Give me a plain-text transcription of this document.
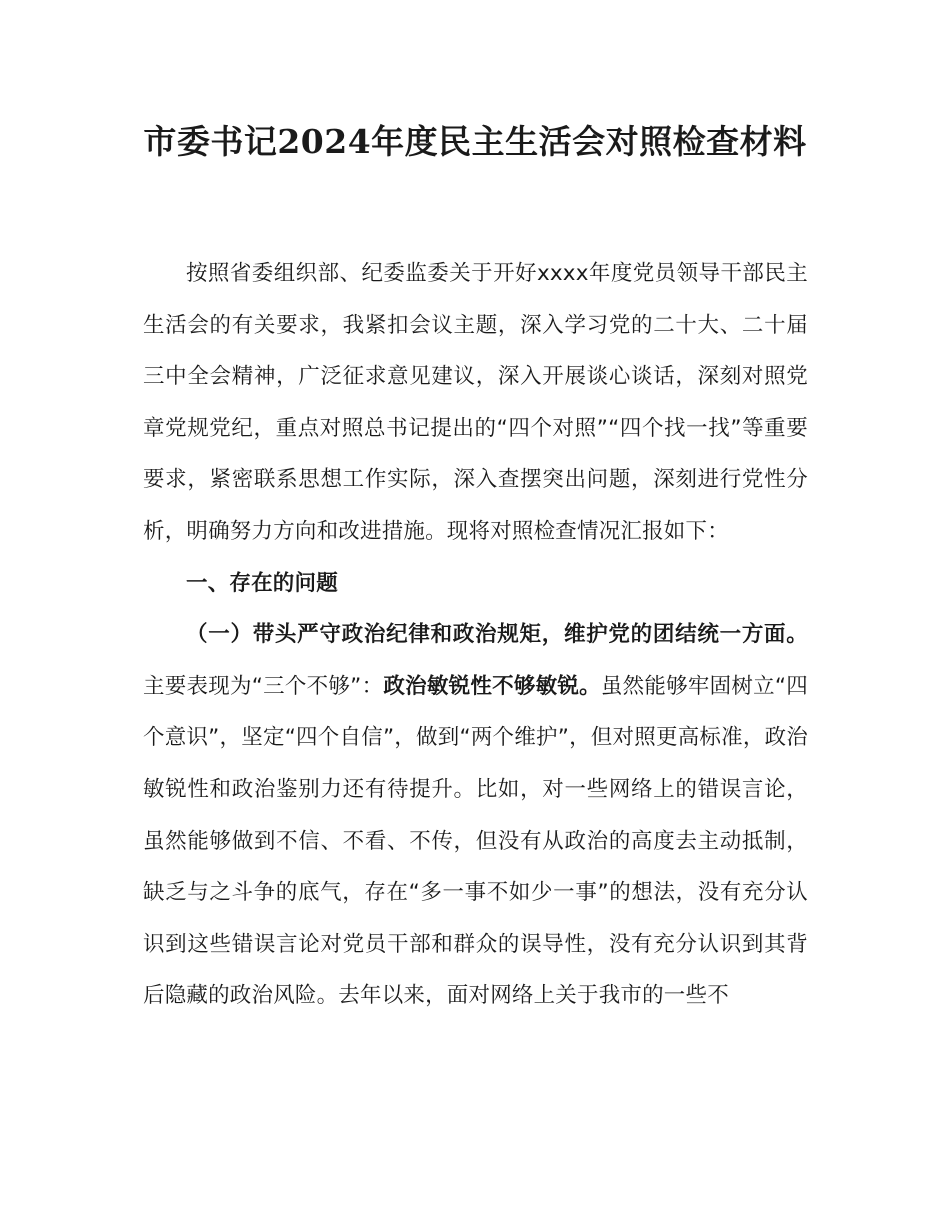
市委书记2024年度民主生活会对照检查材料

按照省委组织部、纪委监委关于开好xxxx年度党员领导干部民主生活会的有关要求，我紧扣会议主题，深入学习党的二十大、二十届三中全会精神，广泛征求意见建议，深入开展谈心谈话，深刻对照党章党规党纪，重点对照总书记提出的“四个对照”“四个找一找”等重要要求，紧密联系思想工作实际，深入查摆突出问题，深刻进行党性分析，明确努力方向和改进措施。现将对照检查情况汇报如下：

一、存在的问题

（一）带头严守政治纪律和政治规矩，维护党的团结统一方面。主要表现为“三个不够”：政治敏锐性不够敏锐。虽然能够牢固树立“四个意识”，坚定“四个自信”，做到“两个维护”，但对照更高标准，政治敏锐性和政治鉴别力还有待提升。比如，对一些网络上的错误言论，虽然能够做到不信、不看、不传，但没有从政治的高度去主动抵制，缺乏与之斗争的底气，存在“多一事不如少一事”的想法，没有充分认识到这些错误言论对党员干部和群众的误导性，没有充分认识到其背后隐藏的政治风险。去年以来，面对网络上关于我市的一些不
